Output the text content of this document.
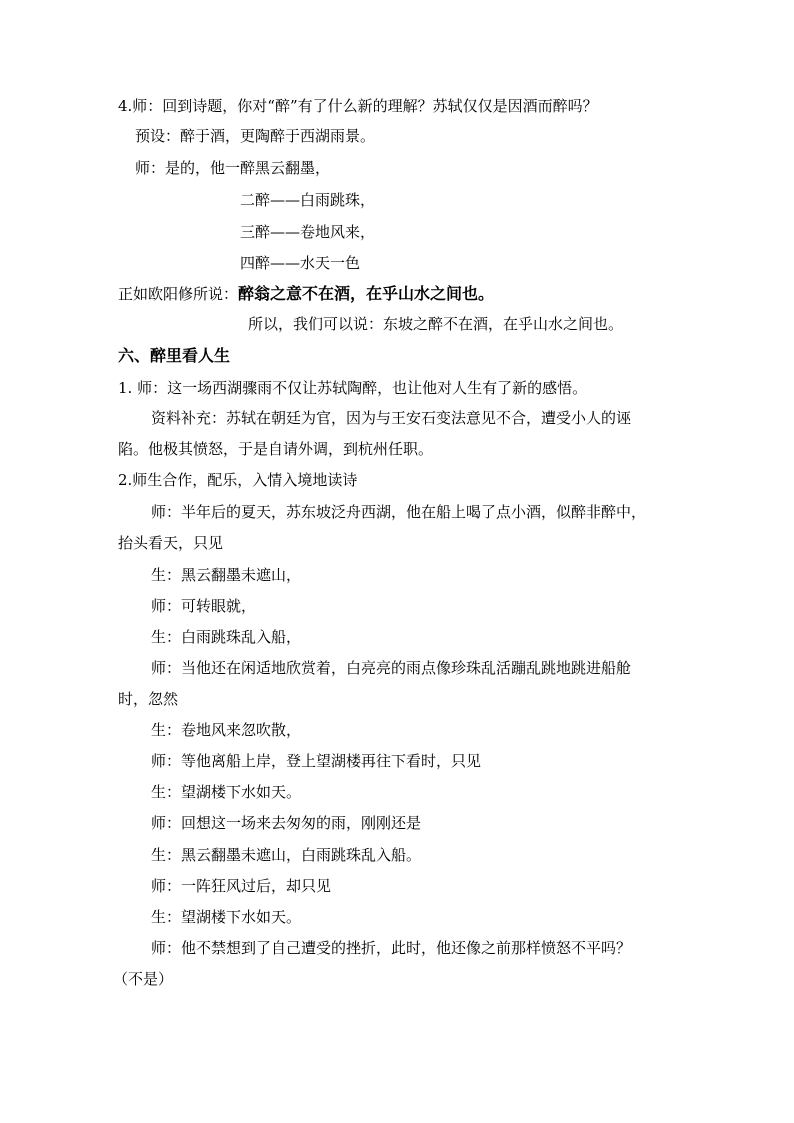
4.师：回到诗题，你对“醉”有了什么新的理解？苏轼仅仅是因酒而醉吗？
预设：醉于酒，更陶醉于西湖雨景。
师：是的，他一醉黑云翻墨，
二醉——白雨跳珠，
三醉——卷地风来，
四醉——水天一色
正如欧阳修所说：醉翁之意不在酒，在乎山水之间也。
所以，我们可以说：东坡之醉不在酒，在乎山水之间也。
六、醉里看人生
1. 师：这一场西湖骤雨不仅让苏轼陶醉，也让他对人生有了新的感悟。
资料补充：苏轼在朝廷为官，因为与王安石变法意见不合，遭受小人的诬
陷。他极其愤怒，于是自请外调，到杭州任职。
2.师生合作，配乐，入情入境地读诗
师：半年后的夏天，苏东坡泛舟西湖，他在船上喝了点小酒，似醉非醉中，
抬头看天，只见
生：黑云翻墨未遮山，
师：可转眼就，
生：白雨跳珠乱入船，
师：当他还在闲适地欣赏着，白亮亮的雨点像珍珠乱活蹦乱跳地跳进船舱
时，忽然
生：卷地风来忽吹散，
师：等他离船上岸，登上望湖楼再往下看时，只见
生：望湖楼下水如天。
师：回想这一场来去匆匆的雨，刚刚还是
生：黑云翻墨未遮山，白雨跳珠乱入船。
师：一阵狂风过后，却只见
生：望湖楼下水如天。
师：他不禁想到了自己遭受的挫折，此时，他还像之前那样愤怒不平吗？
（不是）
